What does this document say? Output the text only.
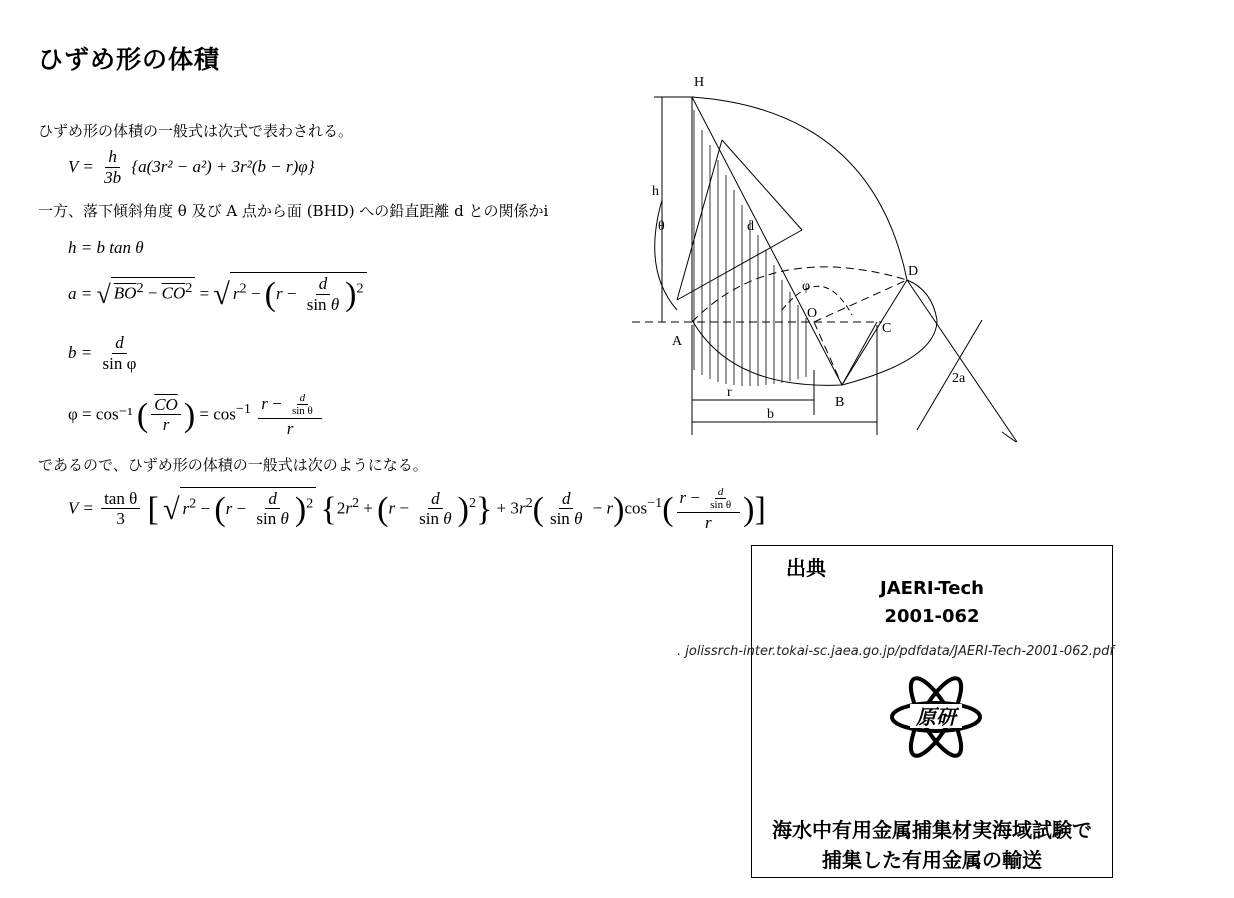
ひずめ形の体積
ひずめ形の体積の一般式は次式で表わされる。
$V = \frac{h}{3b} \{a(3r^2 - a^2) + 3r^2(b - r)\varphi\}$
一方、落下傾斜角度 θ 及び A 点から面 (BHD) への鉛直距離 d との関係かi
h = b tan θ
a = √ $BO^2 - \overline{CO}^2$ = √ $r^2 - (r - \frac{d}{\text{sin θ}} )^2$
$b = \frac{d}{\text{sin φ}}$
φ = cos⁻¹ ( $\frac{\overline{CO}}{r}$ ) = $\cos^{-1} \frac{r - \frac{d}{\text{sin θ}}}{r}$
であるので、ひずめ形の体積の一般式は次のようになる。
$V = \frac{\text{tan θ}}{3}$ [ √ $r^2 - (r - \frac{d}{\text{sin θ}} )^2$ $\{2r^2 + (r - \frac{d}{\text{sin θ}} )^2\} + 3r^2( \frac{d}{\text{sin θ}} - r)\cos^{-1}( \frac{r - \frac{d}{\text{sin θ}}}{r}$ )]
H
h
θ	d
D
φ
O
C
A
2a
r
B
b
出典
JAERI-Tech
2001-062
原研
海水中有用金属捕集材実海域試験で
捕集した有用金属の輸送
. jolissrch-inter.tokai-sc.jaea.go.jp/pdfdata/JAERI-Tech-2001-062.pdf
